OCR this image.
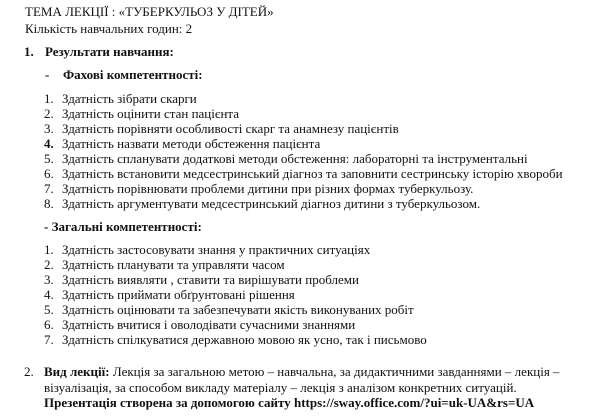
ТЕМА ЛЕКЦІЇ : «ТУБЕРКУЛЬОЗ У ДІТЕЙ»
Кількість навчальних годин: 2
1. Результати навчання:
- Фахові компетентності:
1. Здатність зібрати скарги
2. Здатність оцінити стан пацієнта
3. Здатність порівняти особливості скарг та анамнезу пацієнтів
4. Здатність назвати методи обстеження пацієнта
5. Здатність спланувати додаткові методи обстеження: лабораторні та інструментальні
6. Здатність встановити медсестринський діагноз та заповнити сестринську історію хвороби
7. Здатність порівнювати проблеми дитини при різних формах туберкульозу.
8. Здатність аргументувати медсестринський діагноз дитини з туберкульозом.
- Загальні компетентності:
1. Здатність застосовувати знання у практичних ситуаціях
2. Здатність планувати та управляти часом
3. Здатність виявляти , ставити та вирішувати проблеми
4. Здатність приймати обґрунтовані рішення
5. Здатність оцінювати та забезпечувати якість виконуваних робіт
6. Здатність вчитися і оволодівати сучасними знаннями
7. Здатність спілкуватися державною мовою як усно, так і письмово
2. Вид лекції: Лекція за загальною метою – навчальна, за дидактичними завданнями – лекція – візуалізація, за способом викладу матеріалу – лекція з аналізом конкретних ситуацій.
Презентація створена за допомогою сайту https://sway.office.com/?ui=uk-UA&rs=UA
